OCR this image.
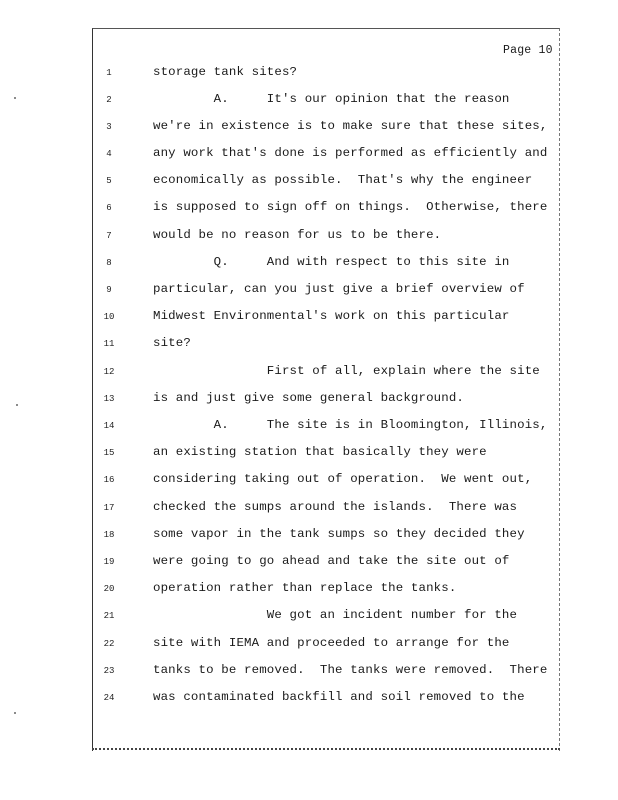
Page 10
1	storage tank sites?
2	A.     It's our opinion that the reason
3	we're in existence is to make sure that these sites,
4	any work that's done is performed as efficiently and
5	economically as possible.  That's why the engineer
6	is supposed to sign off on things.  Otherwise, there
7	would be no reason for us to be there.
8	Q.     And with respect to this site in
9	particular, can you just give a brief overview of
10	Midwest Environmental's work on this particular
11	site?
12	First of all, explain where the site
13	is and just give some general background.
14	A.     The site is in Bloomington, Illinois,
15	an existing station that basically they were
16	considering taking out of operation.  We went out,
17	checked the sumps around the islands.  There was
18	some vapor in the tank sumps so they decided they
19	were going to go ahead and take the site out of
20	operation rather than replace the tanks.
21	We got an incident number for the
22	site with IEMA and proceeded to arrange for the
23	tanks to be removed.  The tanks were removed.  There
24	was contaminated backfill and soil removed to the
